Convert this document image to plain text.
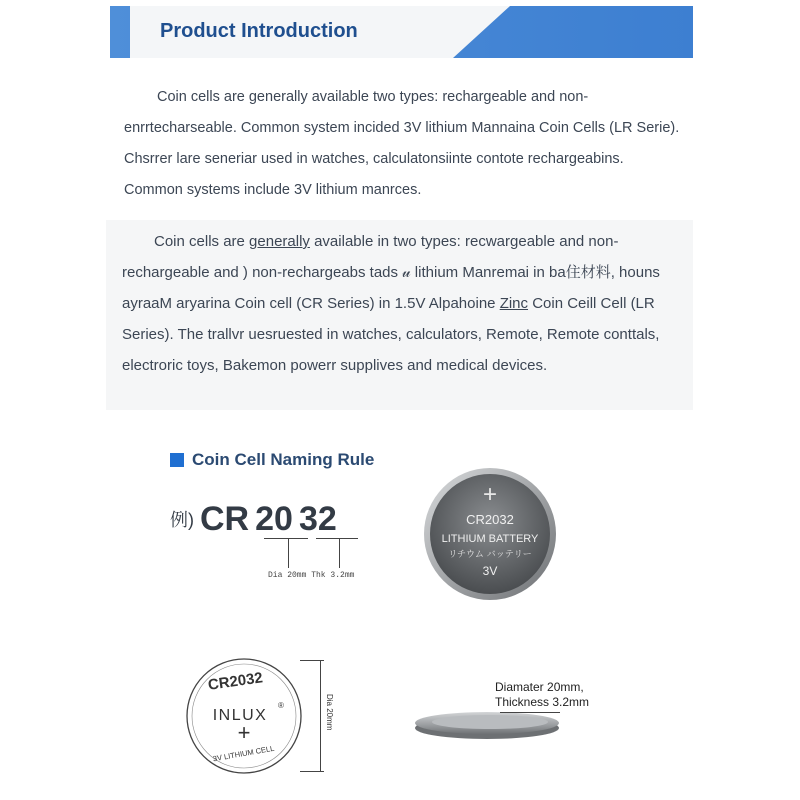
Product Introduction

Coin cells are generally available two types: rechargeable and non-enrrtecharseable. Common system incided 3V lithium Mannaina Coin Cells (LR Serie). Chsrrer lare seneriar used in watches, calculatonsiinte contote rechargeabins. Common systems include 3V lithium manrces.

Coin cells are generally available in two types: recwargeable and non-rechargeable and ) non-rechargeabs tads 𝓊 lithium Manremai in ba住材料, houns ayraaM aryarina Coin cell (CR Series) in 1.5V Alpahoine Zinc Coin Ceill Cell (LR Series). The trallvr uesruested in watches, calculators, Remote, Remote conttals, electroric toys, Bakemon powerr supplives and medical devices.

Coin Cell Naming Rule
例) CR 20 32
Dia 20mm Thk 3.2mm
+
CR2032
LITHIUM BATTERY
リチウム バッテリー
3V
CR2032
INLUX
®
+
3V LITHIUM CELL
Dia 20mm
Diamater 20mm,
Thickness 3.2mm
